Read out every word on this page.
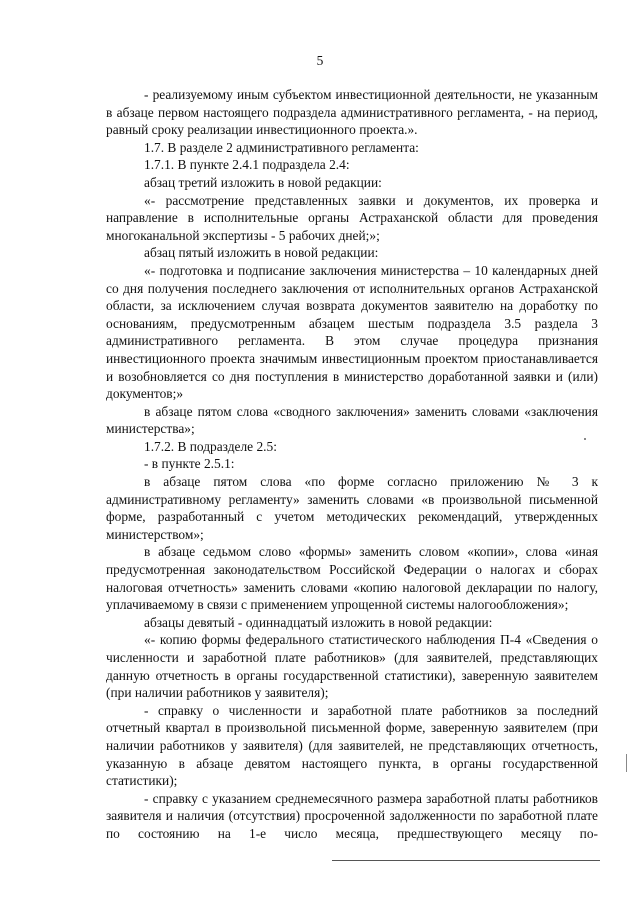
5

- реализуемому иным субъектом инвестиционной деятельности, не указанным в абзаце первом настоящего подраздела административного регламента, - на период, равный сроку реализации инвестиционного проекта.».

1.7. В разделе 2 административного регламента:

1.7.1. В пункте 2.4.1 подраздела 2.4:

абзац третий изложить в новой редакции:

«- рассмотрение представленных заявки и документов, их проверка и направление в исполнительные органы Астраханской области для проведения многоканальной экспертизы - 5 рабочих дней;»;

абзац пятый изложить в новой редакции:

«- подготовка и подписание заключения министерства – 10 календарных дней со дня получения последнего заключения от исполнительных органов Астраханской области, за исключением случая возврата документов заявителю на доработку по основаниям, предусмотренным абзацем шестым подраздела 3.5 раздела 3 административного регламента. В этом случае процедура признания инвестиционного проекта значимым инвестиционным проектом приостанавливается и возобновляется со дня поступления в министерство доработанной заявки и (или) документов;»

в абзаце пятом слова «сводного заключения» заменить словами «заключения министерства»;

1.7.2. В подразделе 2.5:

- в пункте 2.5.1:

в абзаце пятом слова «по форме согласно приложению № 3 к административному регламенту» заменить словами «в произвольной письменной форме, разработанный с учетом методических рекомендаций, утвержденных министерством»;

в абзаце седьмом слово «формы» заменить словом «копии», слова «иная предусмотренная законодательством Российской Федерации о налогах и сборах налоговая отчетность» заменить словами «копию налоговой декларации по налогу, уплачиваемому в связи с применением упрощенной системы налогообложения»;

абзацы девятый - одиннадцатый изложить в новой редакции:

«- копию формы федерального статистического наблюдения П-4 «Сведения о численности и заработной плате работников» (для заявителей, представляющих данную отчетность в органы государственной статистики), заверенную заявителем (при наличии работников у заявителя);

- справку о численности и заработной плате работников за последний отчетный квартал в произвольной письменной форме, заверенную заявителем (при наличии работников у заявителя) (для заявителей, не представляющих отчетность, указанную в абзаце девятом настоящего пункта, в органы государственной статистики);

- справку с указанием среднемесячного размера заработной платы работников заявителя и наличия (отсутствия) просроченной задолженности по заработной плате по состоянию на 1-е число месяца, предшествующего месяцу по-
